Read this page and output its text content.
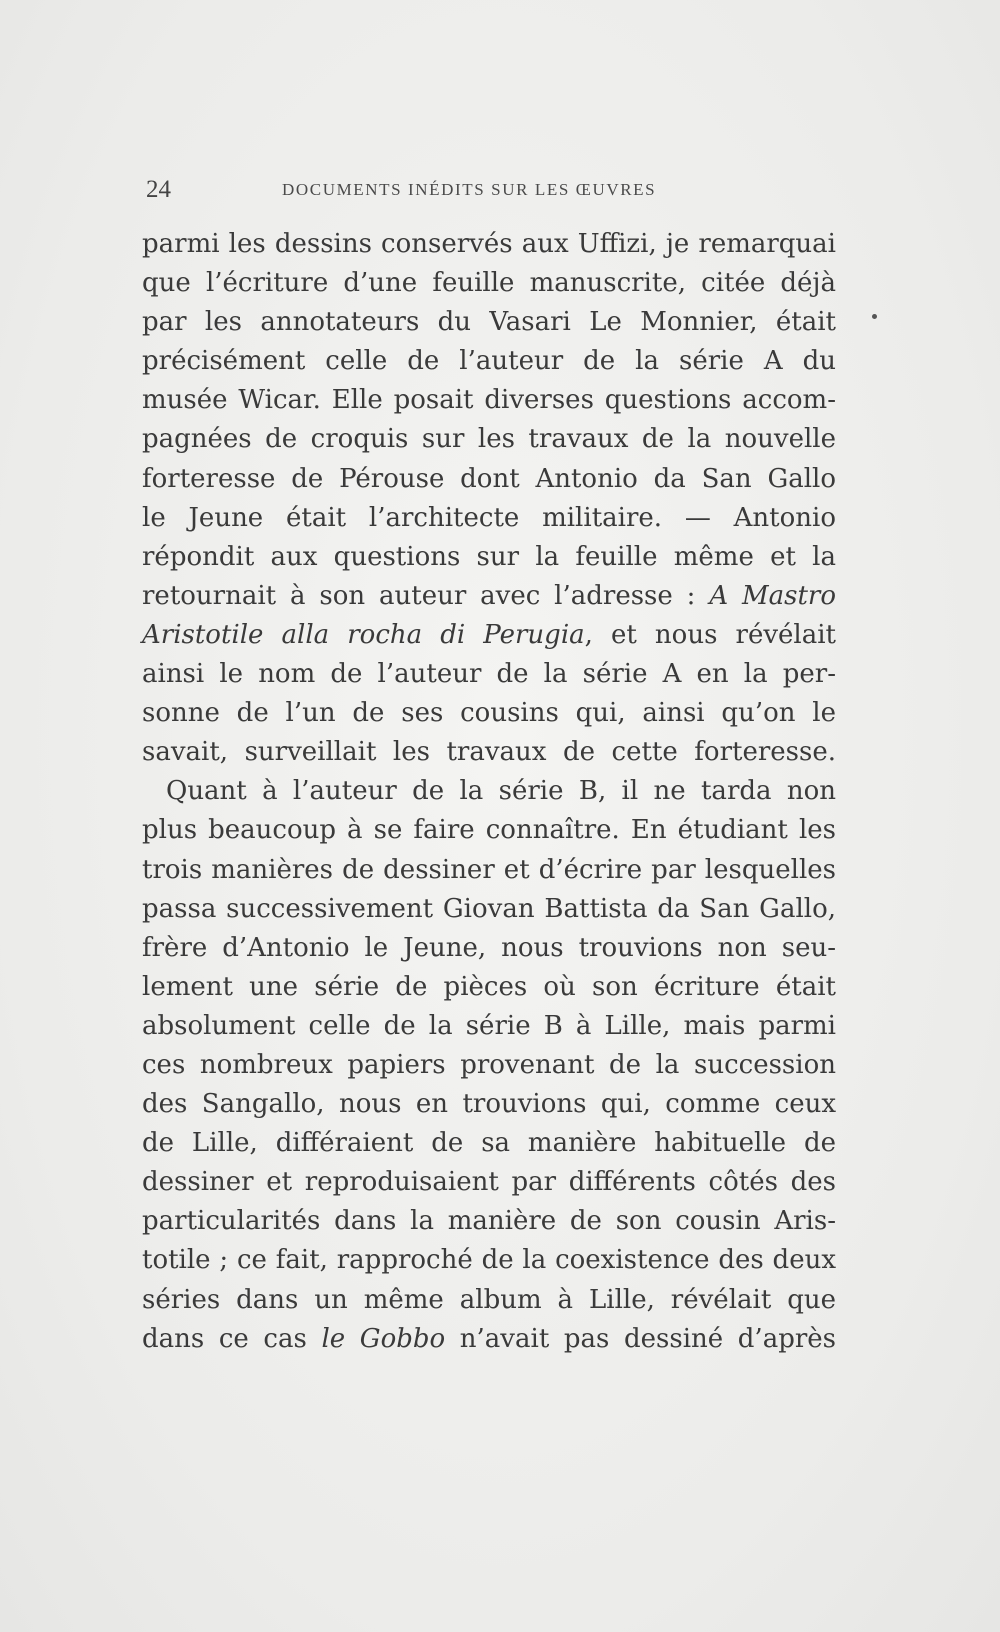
24	DOCUMENTS INÉDITS SUR LES ŒUVRES
parmi les dessins conservés aux Uffizi, je remarquai
que l’écriture d’une feuille manuscrite, citée déjà
par les annotateurs du Vasari Le Monnier, était
précisément celle de l’auteur de la série A du
musée Wicar. Elle posait diverses questions accom-
pagnées de croquis sur les travaux de la nouvelle
forteresse de Pérouse dont Antonio da San Gallo
le Jeune était l’architecte militaire. — Antonio
répondit aux questions sur la feuille même et la
retournait à son auteur avec l’adresse : A Mastro
Aristotile alla rocha di Perugia, et nous révélait
ainsi le nom de l’auteur de la série A en la per-
sonne de l’un de ses cousins qui, ainsi qu’on le
savait, surveillait les travaux de cette forteresse.
Quant à l’auteur de la série B, il ne tarda non
plus beaucoup à se faire connaître. En étudiant les
trois manières de dessiner et d’écrire par lesquelles
passa successivement Giovan Battista da San Gallo,
frère d’Antonio le Jeune, nous trouvions non seu-
lement une série de pièces où son écriture était
absolument celle de la série B à Lille, mais parmi
ces nombreux papiers provenant de la succession
des Sangallo, nous en trouvions qui, comme ceux
de Lille, différaient de sa manière habituelle de
dessiner et reproduisaient par différents côtés des
particularités dans la manière de son cousin Aris-
totile ; ce fait, rapproché de la coexistence des deux
séries dans un même album à Lille, révélait que
dans ce cas le Gobbo n’avait pas dessiné d’après
